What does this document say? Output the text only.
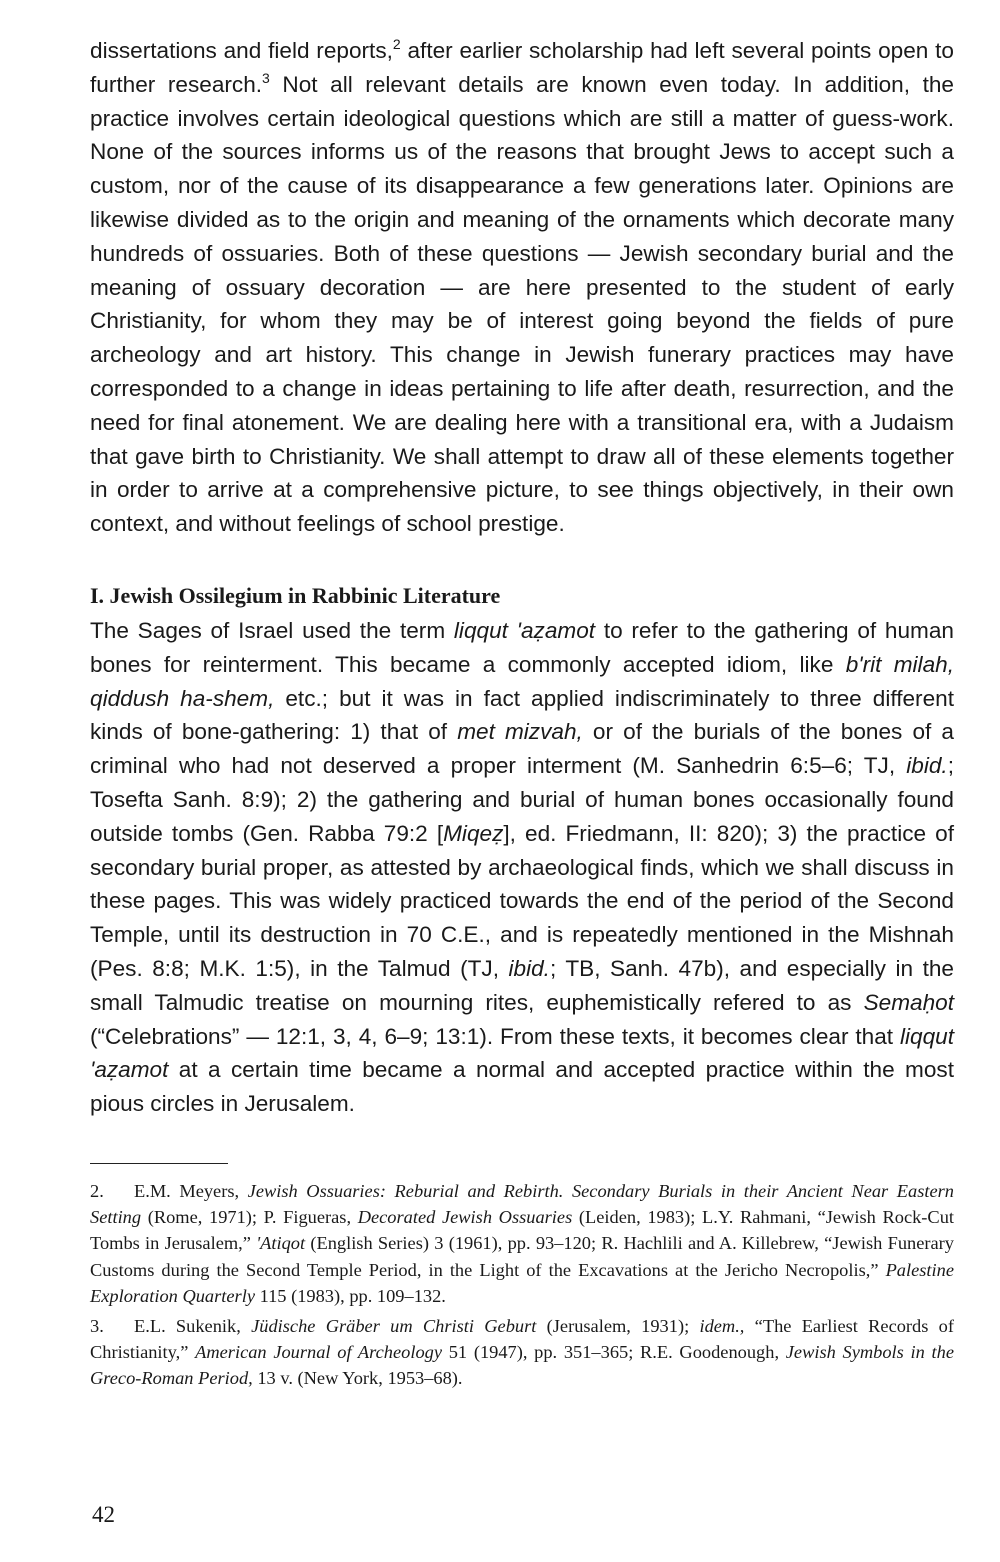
dissertations and field reports,$^2$ after earlier scholarship had left several points open to further research.$^3$ Not all relevant details are known even today. In addition, the practice involves certain ideological questions which are still a matter of guess-work. None of the sources informs us of the reasons that brought Jews to accept such a custom, nor of the cause of its disappearance a few generations later. Opinions are likewise divided as to the origin and meaning of the ornaments which decorate many hundreds of ossuaries. Both of these questions — Jewish secondary burial and the meaning of ossuary decoration — are here presented to the student of early Christianity, for whom they may be of interest going beyond the fields of pure archeology and art history. This change in Jewish funerary practices may have corresponded to a change in ideas pertaining to life after death, resurrection, and the need for final atonement. We are dealing here with a transitional era, with a Judaism that gave birth to Christianity. We shall attempt to draw all of these elements together in order to arrive at a comprehensive picture, to see things objectively, in their own context, and without feelings of school prestige.

I. Jewish Ossilegium in Rabbinic Literature

The Sages of Israel used the term liqqut 'aẓamot to refer to the gathering of human bones for reinterment. This became a commonly accepted idiom, like b'rit milah, qiddush ha-shem, etc.; but it was in fact applied indiscriminately to three different kinds of bone-gathering: 1) that of met mizvah, or of the burials of the bones of a criminal who had not deserved a proper interment (M. Sanhedrin 6:5–6; TJ, ibid.; Tosefta Sanh. 8:9); 2) the gathering and burial of human bones occasionally found outside tombs (Gen. Rabba 79:2 [Miqeẓ], ed. Friedmann, II: 820); 3) the practice of secondary burial proper, as attested by archaeological finds, which we shall discuss in these pages. This was widely practiced towards the end of the period of the Second Temple, until its destruction in 70 C.E., and is repeatedly mentioned in the Mishnah (Pes. 8:8; M.K. 1:5), in the Talmud (TJ, ibid.; TB, Sanh. 47b), and especially in the small Talmudic treatise on mourning rites, euphemistically refered to as Semaḥot (“Celebrations” — 12:1, 3, 4, 6–9; 13:1). From these texts, it becomes clear that liqqut 'aẓamot at a certain time became a normal and accepted practice within the most pious circles in Jerusalem.

2. E.M. Meyers, Jewish Ossuaries: Reburial and Rebirth. Secondary Burials in their Ancient Near Eastern Setting (Rome, 1971); P. Figueras, Decorated Jewish Ossuaries (Leiden, 1983); L.Y. Rahmani, “Jewish Rock-Cut Tombs in Jerusalem,” 'Atiqot (English Series) 3 (1961), pp. 93–120; R. Hachlili and A. Killebrew, “Jewish Funerary Customs during the Second Temple Period, in the Light of the Excavations at the Jericho Necropolis,” Palestine Exploration Quarterly 115 (1983), pp. 109–132.

3. E.L. Sukenik, Jüdische Gräber um Christi Geburt (Jerusalem, 1931); idem., “The Earliest Records of Christianity,” American Journal of Archeology 51 (1947), pp. 351–365; R.E. Goodenough, Jewish Symbols in the Greco-Roman Period, 13 v. (New York, 1953–68).

42
